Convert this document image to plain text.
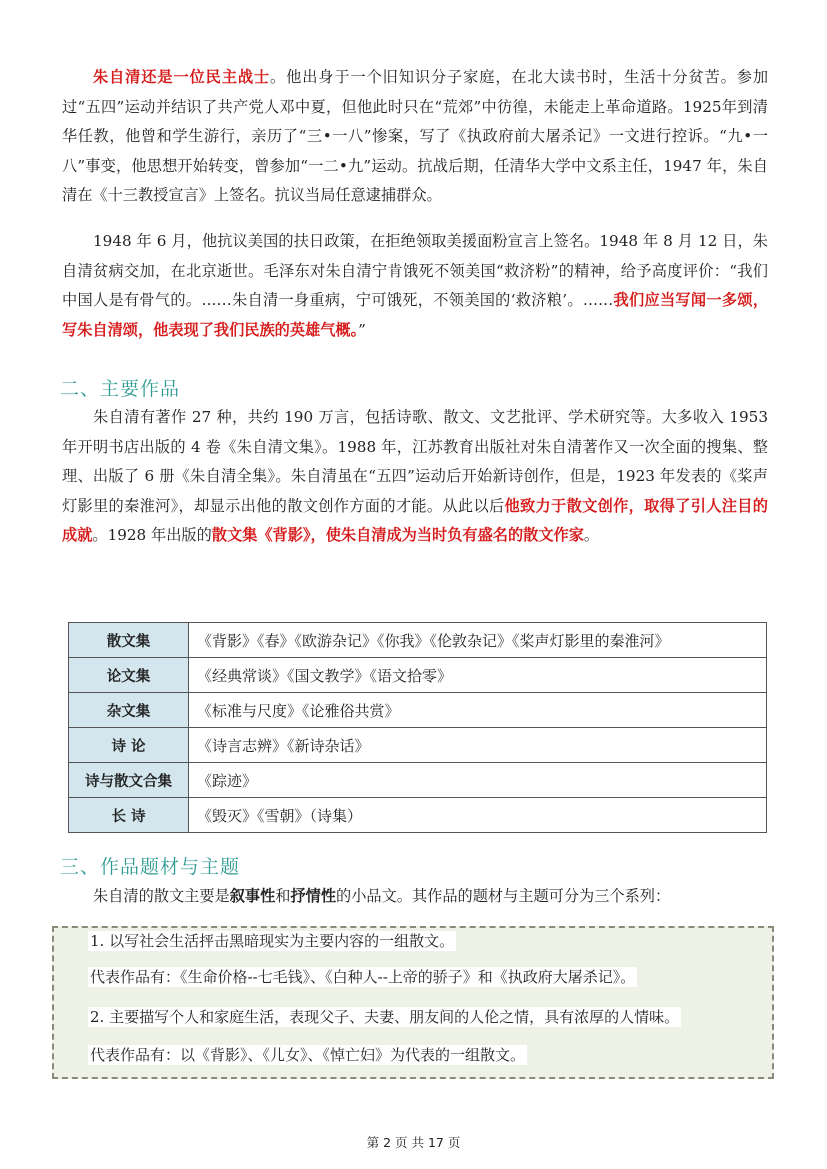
朱自清还是一位民主战士。他出身于一个旧知识分子家庭，在北大读书时，生活十分贫苦。参加过“五四”运动并结识了共产党人邓中夏，但他此时只在“荒郊”中彷徨，未能走上革命道路。1925年到清华任教，他曾和学生游行，亲历了“三•一八”惨案，写了《执政府前大屠杀记》一文进行控诉。“九•一八”事变，他思想开始转变，曾参加“一二•九”运动。抗战后期，任清华大学中文系主任，1947 年，朱自清在《十三教授宣言》上签名。抗议当局任意逮捕群众。
1948 年 6 月，他抗议美国的扶日政策，在拒绝领取美援面粉宣言上签名。1948 年 8 月 12 日，朱自清贫病交加，在北京逝世。毛泽东对朱自清宁肯饿死不领美国“救济粉”的精神，给予高度评价：“我们中国人是有骨气的。……朱自清一身重病，宁可饿死，不领美国的‘救济粮’。……我们应当写闻一多颂，写朱自清颂，他表现了我们民族的英雄气概。”
二、主要作品
朱自清有著作 27 种，共约 190 万言，包括诗歌、散文、文艺批评、学术研究等。大多收入 1953 年开明书店出版的 4 卷《朱自清文集》。1988 年，江苏教育出版社对朱自清著作又一次全面的搜集、整理、出版了 6 册《朱自清全集》。朱自清虽在“五四”运动后开始新诗创作，但是，1923 年发表的《桨声灯影里的秦淮河》，却显示出他的散文创作方面的才能。从此以后他致力于散文创作，取得了引人注目的成就。1928 年出版的散文集《背影》，使朱自清成为当时负有盛名的散文作家。
散文集	《背影》《春》《欧游杂记》《你我》《伦敦杂记》《桨声灯影里的秦淮河》
论文集	《经典常谈》《国文教学》《语文拾零》
杂文集	《标准与尺度》《论雅俗共赏》
诗 论	《诗言志辨》《新诗杂话》
诗与散文合集	《踪迹》
长 诗	《毁灭》《雪朝》（诗集）
三、作品题材与主题
朱自清的散文主要是叙事性和抒情性的小品文。其作品的题材与主题可分为三个系列：
1. 以写社会生活抨击黑暗现实为主要内容的一组散文。
代表作品有：《生命价格--七毛钱》、《白种人--上帝的骄子》和《执政府大屠杀记》。
2. 主要描写个人和家庭生活，表现父子、夫妻、朋友间的人伦之情，具有浓厚的人情味。
代表作品有：以《背影》、《儿女》、《悼亡妇》为代表的一组散文。
第 2 页 共 17 页
